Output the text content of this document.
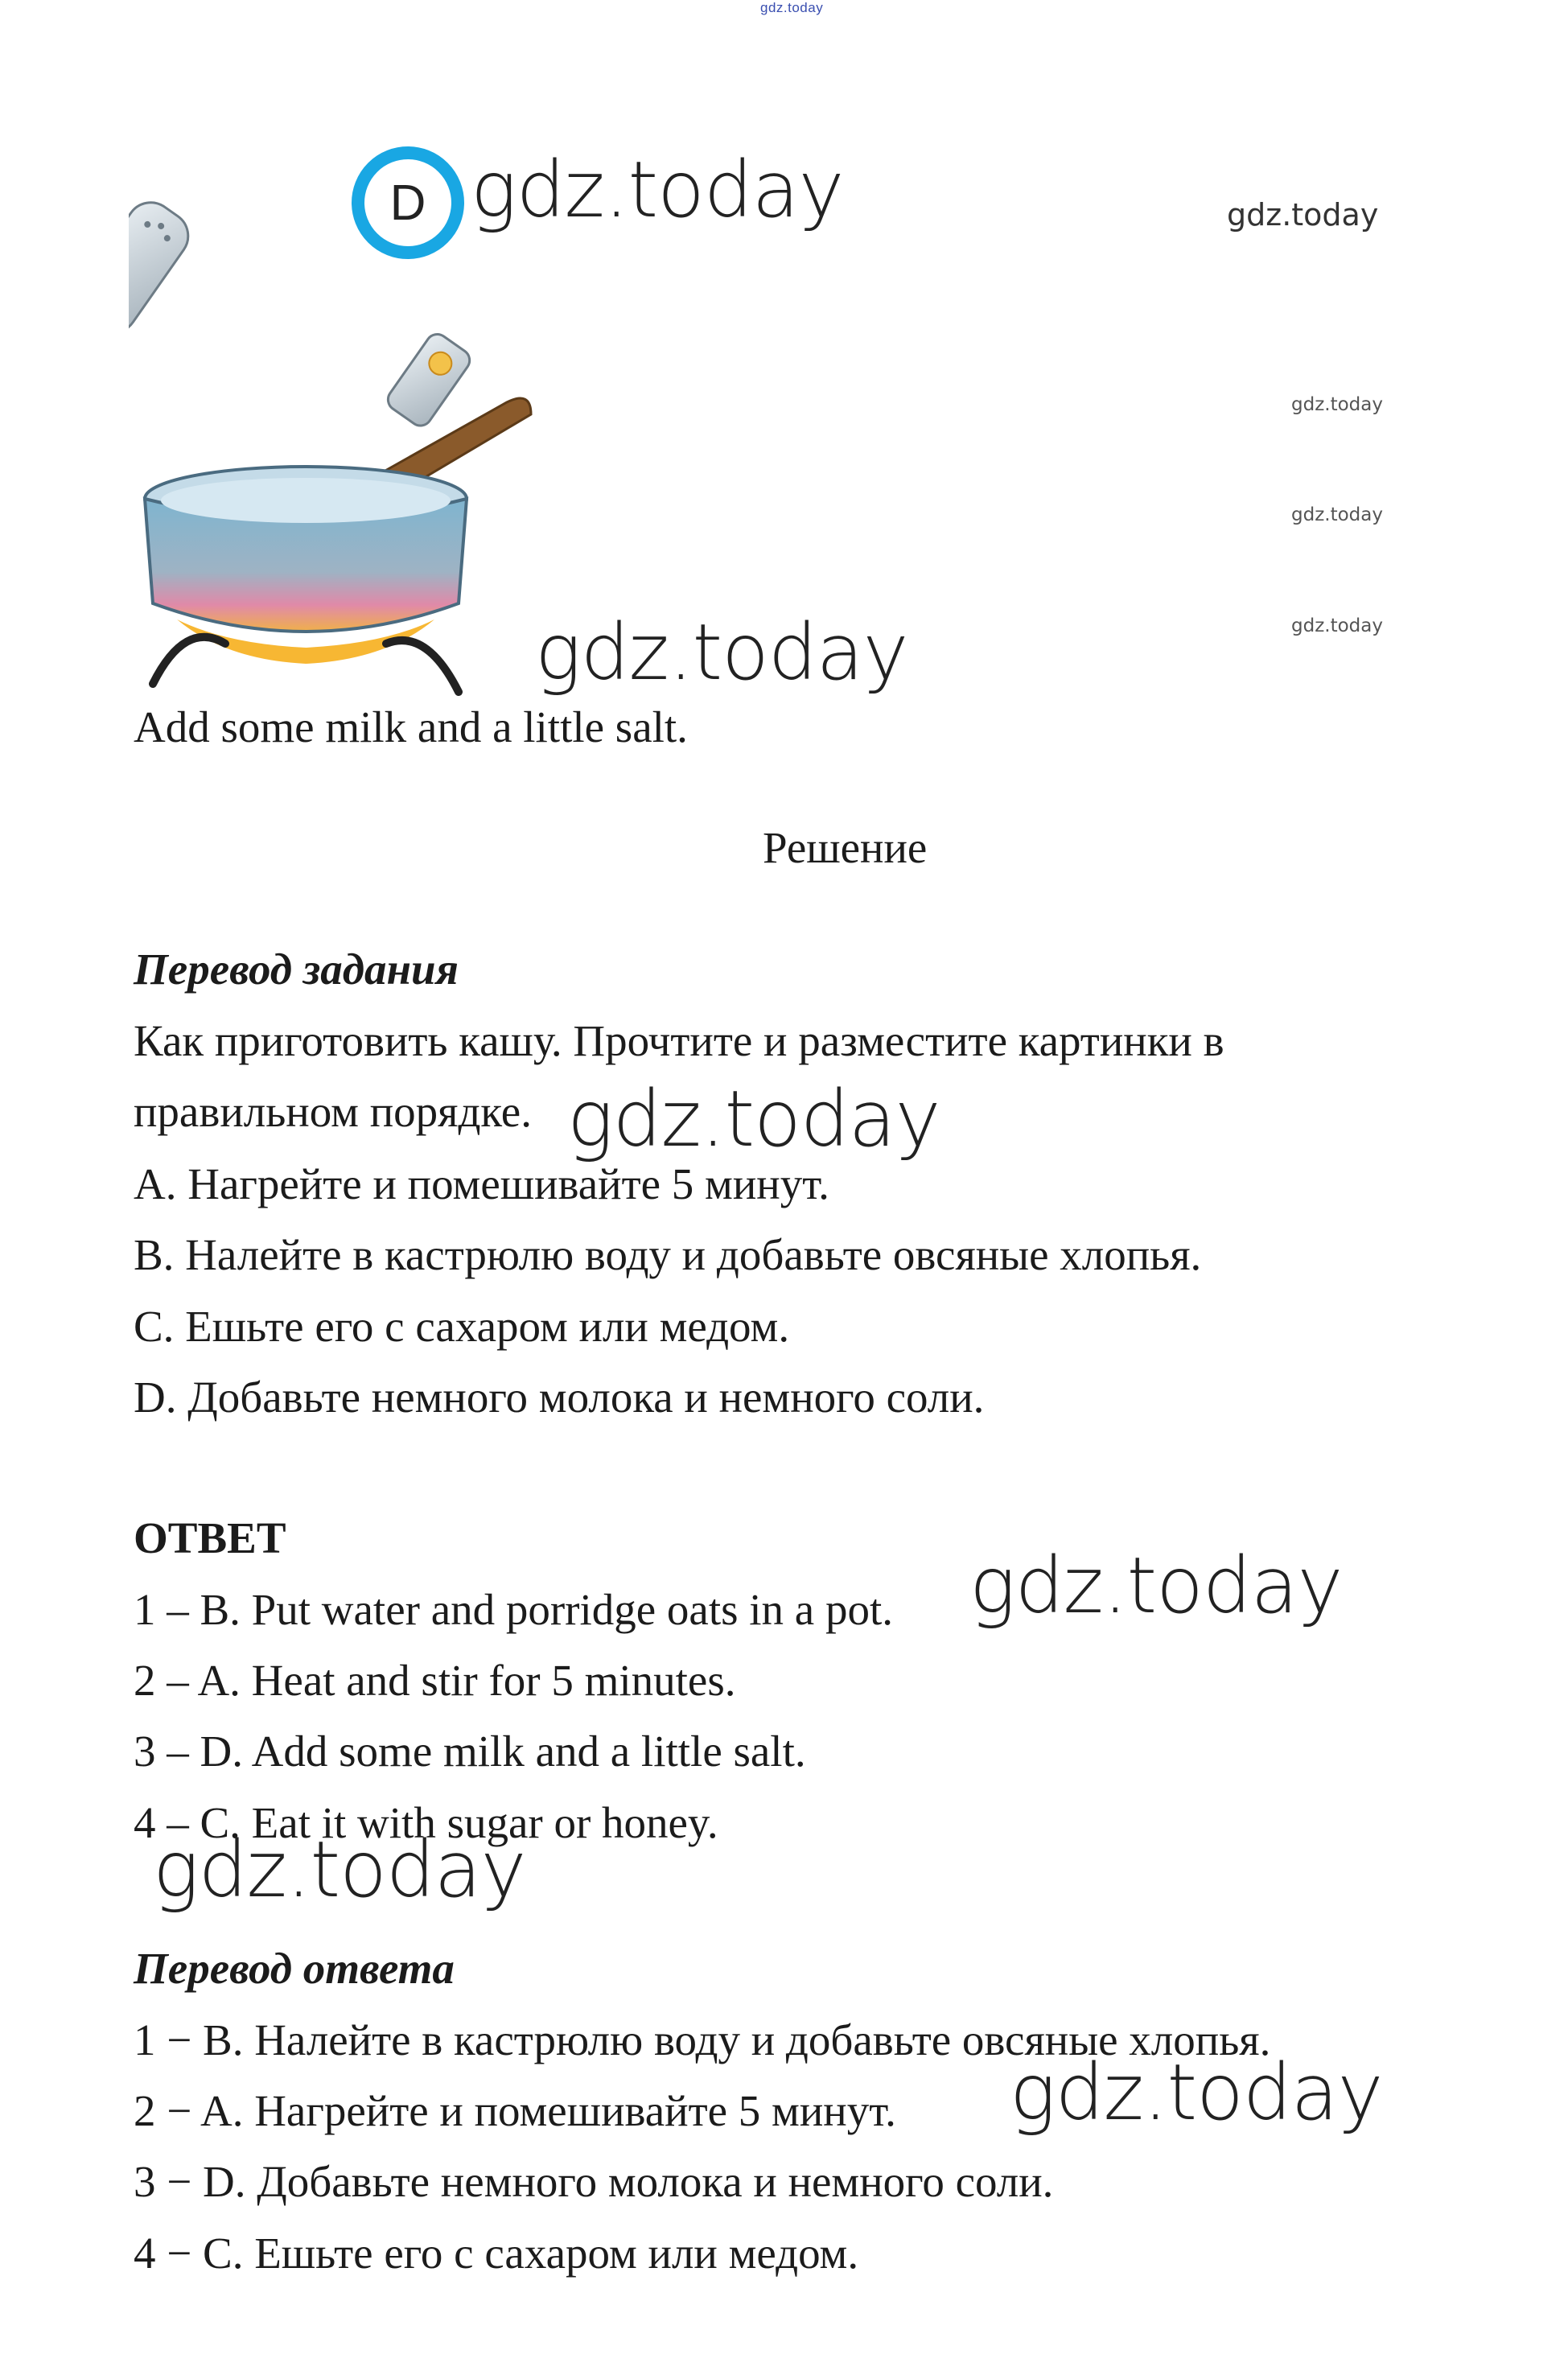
gdz.today
D gdz.today	gdz.today
gdz.today
gdz.today
gdz.today
gdz.today
Add some milk and a little salt.
Решение
Перевод задания
Как приготовить кашу. Прочтите и разместите картинки в
правильном порядке. gdz.today
A. Нагрейте и помешивайте 5 минут.
B. Налейте в кастрюлю воду и добавьте овсяные хлопья.
C. Ешьте его с сахаром или медом.
D. Добавьте немного молока и немного соли.
ОТВЕТ
1 – B. Put water and porridge oats in a pot. gdz.today
2 – A. Heat and stir for 5 minutes.
3 – D. Add some milk and a little salt.
4 – C. Eat it with sugar or honey.
gdz.today
Перевод ответа
1 − B. Налейте в кастрюлю воду и добавьте овсяные хлопья.
2 − A. Нагрейте и помешивайте 5 минут. gdz.today
3 − D. Добавьте немного молока и немного соли.
4 − C. Ешьте его с сахаром или медом.
